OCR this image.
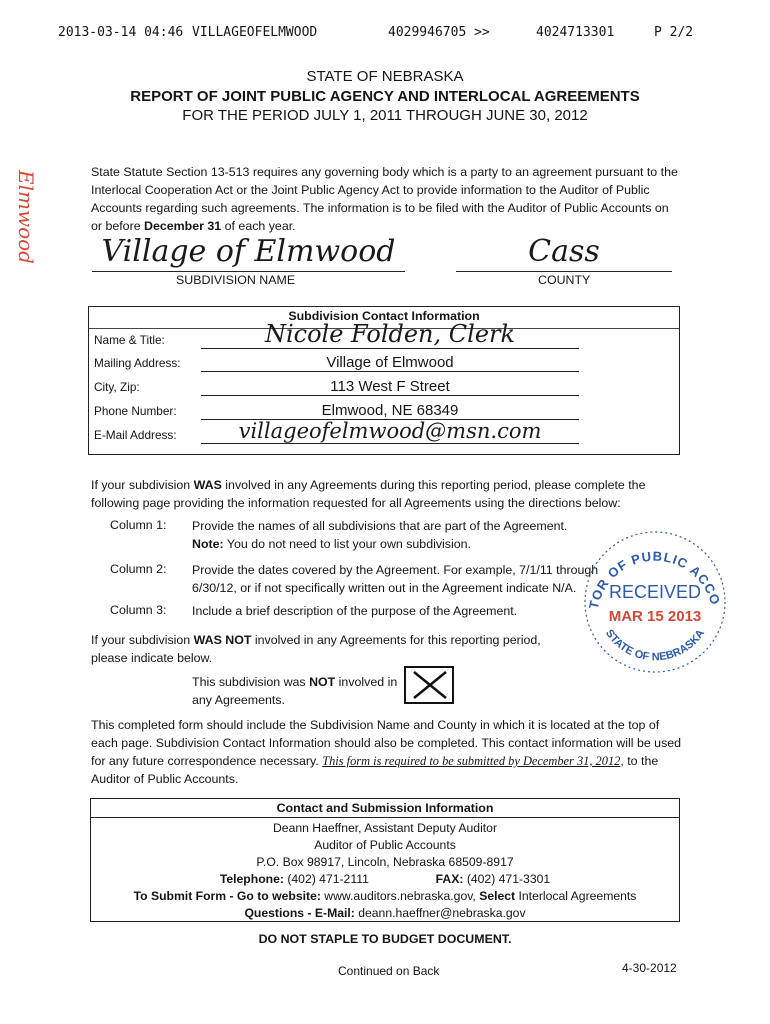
2013-03-14 04:46 VILLAGEOFELMWOOD	4029946705 >>	4024713301	P 2/2
Elmwood
STATE OF NEBRASKA
REPORT OF JOINT PUBLIC AGENCY AND INTERLOCAL AGREEMENTS
FOR THE PERIOD JULY 1, 2011 THROUGH JUNE 30, 2012
State Statute Section 13-513 requires any governing body which is a party to an agreement pursuant to the Interlocal Cooperation Act or the Joint Public Agency Act to provide information to the Auditor of Public Accounts regarding such agreements. The information is to be filed with the Auditor of Public Accounts on or before December 31 of each year.
Village of Elmwood
SUBDIVISION NAME
Cass
COUNTY
Subdivision Contact Information
Name & Title:	Nicole Folden, Clerk
Mailing Address:	Village of Elmwood
City, Zip:	113 West F Street
Phone Number:	Elmwood, NE 68349
E-Mail Address:	villageofelmwood@msn.com
If your subdivision WAS involved in any Agreements during this reporting period, please complete the following page providing the information requested for all Agreements using the directions below:
Column 1: Provide the names of all subdivisions that are part of the Agreement.
Note: You do not need to list your own subdivision.
Column 2: Provide the dates covered by the Agreement. For example, 7/1/11 through 6/30/12, or if not specifically written out in the Agreement indicate N/A.
Column 3: Include a brief description of the purpose of the Agreement.
If your subdivision WAS NOT involved in any Agreements for this reporting period, please indicate below.
This subdivision was NOT involved in any Agreements.
TOR OF PUBLIC ACCO
STATE OF NEBRASKA
RECEIVED
MAR 15 2013
This completed form should include the Subdivision Name and County in which it is located at the top of each page. Subdivision Contact Information should also be completed. This contact information will be used for any future correspondence necessary. This form is required to be submitted by December 31, 2012, to the Auditor of Public Accounts.
Contact and Submission Information
Deann Haeffner, Assistant Deputy Auditor
Auditor of Public Accounts
P.O. Box 98917, Lincoln, Nebraska 68509-8917
Telephone: (402) 471-2111	FAX: (402) 471-3301
To Submit Form - Go to website: www.auditors.nebraska.gov, Select Interlocal Agreements
Questions - E-Mail: deann.haeffner@nebraska.gov
DO NOT STAPLE TO BUDGET DOCUMENT.
Continued on Back	4-30-2012
